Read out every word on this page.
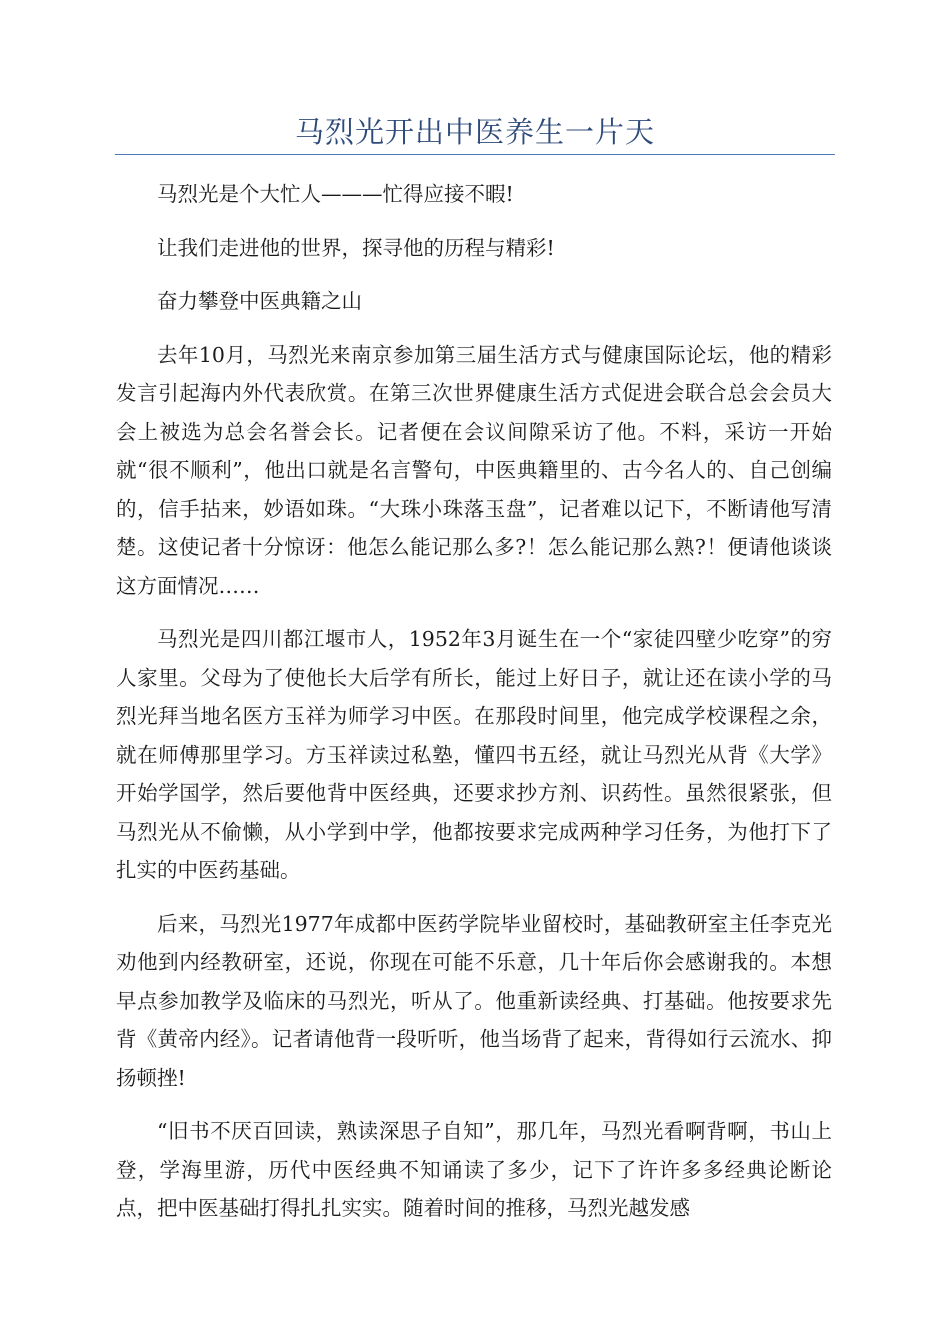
马烈光开出中医养生一片天

马烈光是个大忙人———忙得应接不暇!

让我们走进他的世界，探寻他的历程与精彩!

奋力攀登中医典籍之山

去年10月，马烈光来南京参加第三届生活方式与健康国际论坛，他的精彩发言引起海内外代表欣赏。在第三次世界健康生活方式促进会联合总会会员大会上被选为总会名誉会长。记者便在会议间隙采访了他。不料，采访一开始就“很不顺利”，他出口就是名言警句，中医典籍里的、古今名人的、自己创编的，信手拈来，妙语如珠。“大珠小珠落玉盘”，记者难以记下，不断请他写清楚。这使记者十分惊讶：他怎么能记那么多?！怎么能记那么熟?！便请他谈谈这方面情况……

马烈光是四川都江堰市人，1952年3月诞生在一个“家徒四壁少吃穿”的穷人家里。父母为了使他长大后学有所长，能过上好日子，就让还在读小学的马烈光拜当地名医方玉祥为师学习中医。在那段时间里，他完成学校课程之余，就在师傅那里学习。方玉祥读过私塾，懂四书五经，就让马烈光从背《大学》开始学国学，然后要他背中医经典，还要求抄方剂、识药性。虽然很紧张，但马烈光从不偷懒，从小学到中学，他都按要求完成两种学习任务，为他打下了扎实的中医药基础。

后来，马烈光1977年成都中医药学院毕业留校时，基础教研室主任李克光劝他到内经教研室，还说，你现在可能不乐意，几十年后你会感谢我的。本想早点参加教学及临床的马烈光，听从了。他重新读经典、打基础。他按要求先背《黄帝内经》。记者请他背一段听听，他当场背了起来，背得如行云流水、抑扬顿挫!

“旧书不厌百回读，熟读深思子自知”，那几年，马烈光看啊背啊，书山上登，学海里游，历代中医经典不知诵读了多少，记下了许许多多经典论断论点，把中医基础打得扎扎实实。随着时间的推移，马烈光越发感
